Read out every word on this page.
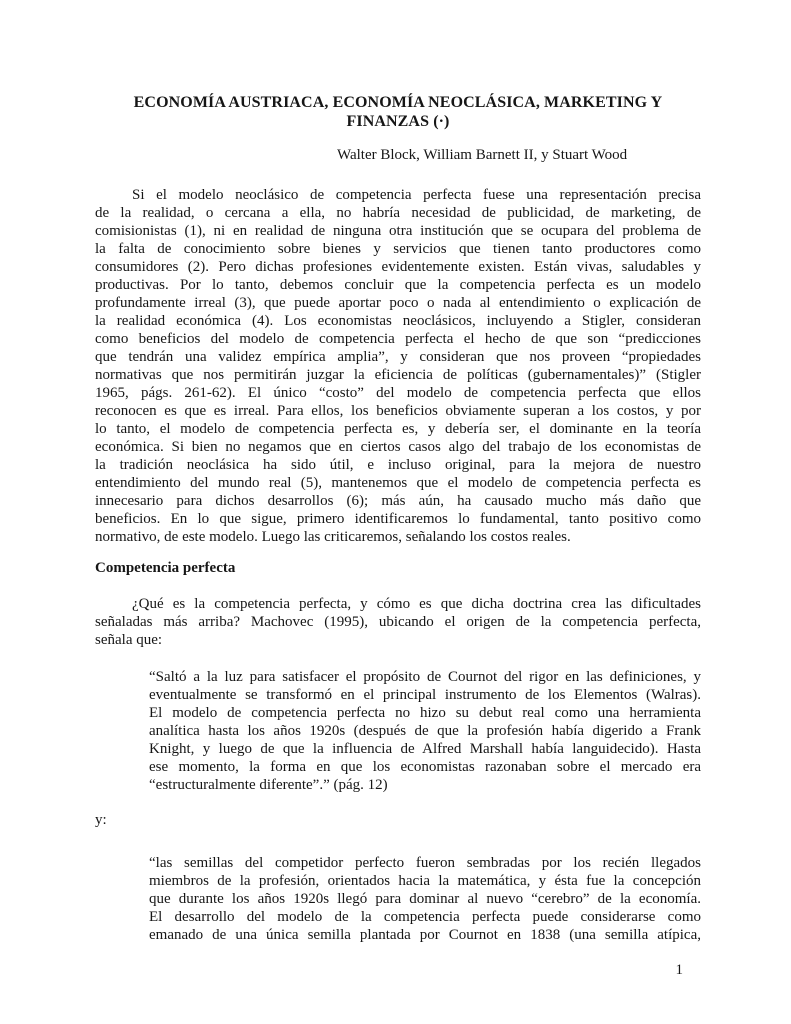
ECONOMÍA AUSTRIACA, ECONOMÍA NEOCLÁSICA, MARKETING Y
FINANZAS (·)
Walter Block, William Barnett II, y Stuart Wood
Si el modelo neoclásico de competencia perfecta fuese una representación precisa
de la realidad, o cercana a ella, no habría necesidad de publicidad, de marketing, de
comisionistas (1), ni en realidad de ninguna otra institución que se ocupara del problema de
la falta de conocimiento sobre bienes y servicios que tienen tanto productores como
consumidores (2). Pero dichas profesiones evidentemente existen. Están vivas, saludables y
productivas. Por lo tanto, debemos concluir que la competencia perfecta es un modelo
profundamente irreal (3), que puede aportar poco o nada al entendimiento o explicación de
la realidad económica (4). Los economistas neoclásicos, incluyendo a Stigler, consideran
como beneficios del modelo de competencia perfecta el hecho de que son “predicciones
que tendrán una validez empírica amplia”, y consideran que nos proveen “propiedades
normativas que nos permitirán juzgar la eficiencia de políticas (gubernamentales)” (Stigler
1965, págs. 261-62). El único “costo” del modelo de competencia perfecta que ellos
reconocen es que es irreal. Para ellos, los beneficios obviamente superan a los costos, y por
lo tanto, el modelo de competencia perfecta es, y debería ser, el dominante en la teoría
económica. Si bien no negamos que en ciertos casos algo del trabajo de los economistas de
la tradición neoclásica ha sido útil, e incluso original, para la mejora de nuestro
entendimiento del mundo real (5), mantenemos que el modelo de competencia perfecta es
innecesario para dichos desarrollos (6); más aún, ha causado mucho más daño que
beneficios. En lo que sigue, primero identificaremos lo fundamental, tanto positivo como
normativo, de este modelo. Luego las criticaremos, señalando los costos reales.
Competencia perfecta
¿Qué es la competencia perfecta, y cómo es que dicha doctrina crea las dificultades
señaladas más arriba? Machovec (1995), ubicando el origen de la competencia perfecta,
señala que:
“Saltó a la luz para satisfacer el propósito de Cournot del rigor en las definiciones, y
eventualmente se transformó en el principal instrumento de los Elementos (Walras).
El modelo de competencia perfecta no hizo su debut real como una herramienta
analítica hasta los años 1920s (después de que la profesión había digerido a Frank
Knight, y luego de que la influencia de Alfred Marshall había languidecido). Hasta
ese momento, la forma en que los economistas razonaban sobre el mercado era
“estructuralmente diferente”.” (pág. 12)
y:
“las semillas del competidor perfecto fueron sembradas por los recién llegados
miembros de la profesión, orientados hacia la matemática, y ésta fue la concepción
que durante los años 1920s llegó para dominar al nuevo “cerebro” de la economía.
El desarrollo del modelo de la competencia perfecta puede considerarse como
emanado de una única semilla plantada por Cournot en 1838 (una semilla atípica,
1
